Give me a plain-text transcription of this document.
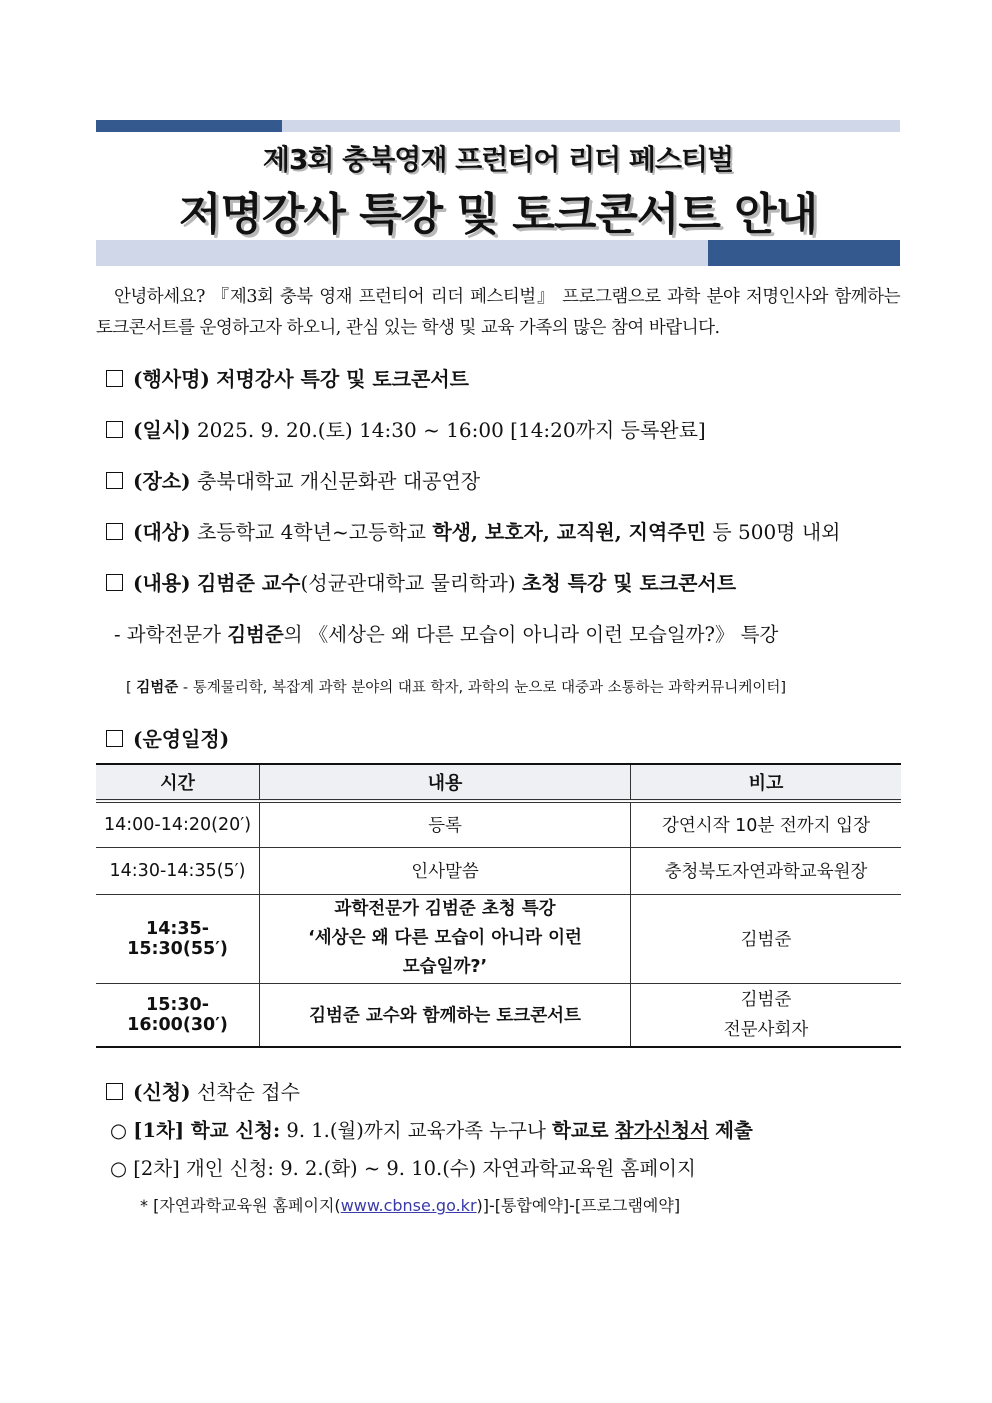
제3회 충북영재 프런티어 리더 페스티벌
저명강사 특강 및 토크콘서트 안내
안녕하세요? 『제3회 충북 영재 프런티어 리더 페스티벌』 프로그램으로 과학 분야 저명인사와 함께하는 토크콘서트를 운영하고자 하오니, 관심 있는 학생 및 교육 가족의 많은 참여 바랍니다.
(행사명) 저명강사 특강 및 토크콘서트
(일시) 2025. 9. 20.(토) 14:30 ~ 16:00 [14:20까지 등록완료]
(장소) 충북대학교 개신문화관 대공연장
(대상) 초등학교 4학년~고등학교 학생, 보호자, 교직원, 지역주민 등 500명 내외
(내용) 김범준 교수(성균관대학교 물리학과) 초청 특강 및 토크콘서트
- 과학전문가 김범준의 《세상은 왜 다른 모습이 아니라 이런 모습일까?》 특강
[ 김범준 - 통계물리학, 복잡계 과학 분야의 대표 학자, 과학의 눈으로 대중과 소통하는 과학커뮤니케이터]
(운영일정)
시간	내용	비고
14:00-14:20(20′)	등록	강연시작 10분 전까지 입장
14:30-14:35(5′)	인사말씀	충청북도자연과학교육원장
14:35-15:30(55′)	과학전문가 김범준 초청 특강
‘세상은 왜 다른 모습이 아니라 이런
모습일까?’	김범준
15:30-16:00(30′)	김범준 교수와 함께하는 토크콘서트	김범준
전문사회자
(신청) 선착순 접수
○ [1차] 학교 신청: 9. 1.(월)까지 교육가족 누구나 학교로 참가신청서 제출
○ [2차] 개인 신청: 9. 2.(화) ~ 9. 10.(수) 자연과학교육원 홈페이지
* [자연과학교육원 홈페이지(www.cbnse.go.kr)]-[통합예약]-[프로그램예약]
